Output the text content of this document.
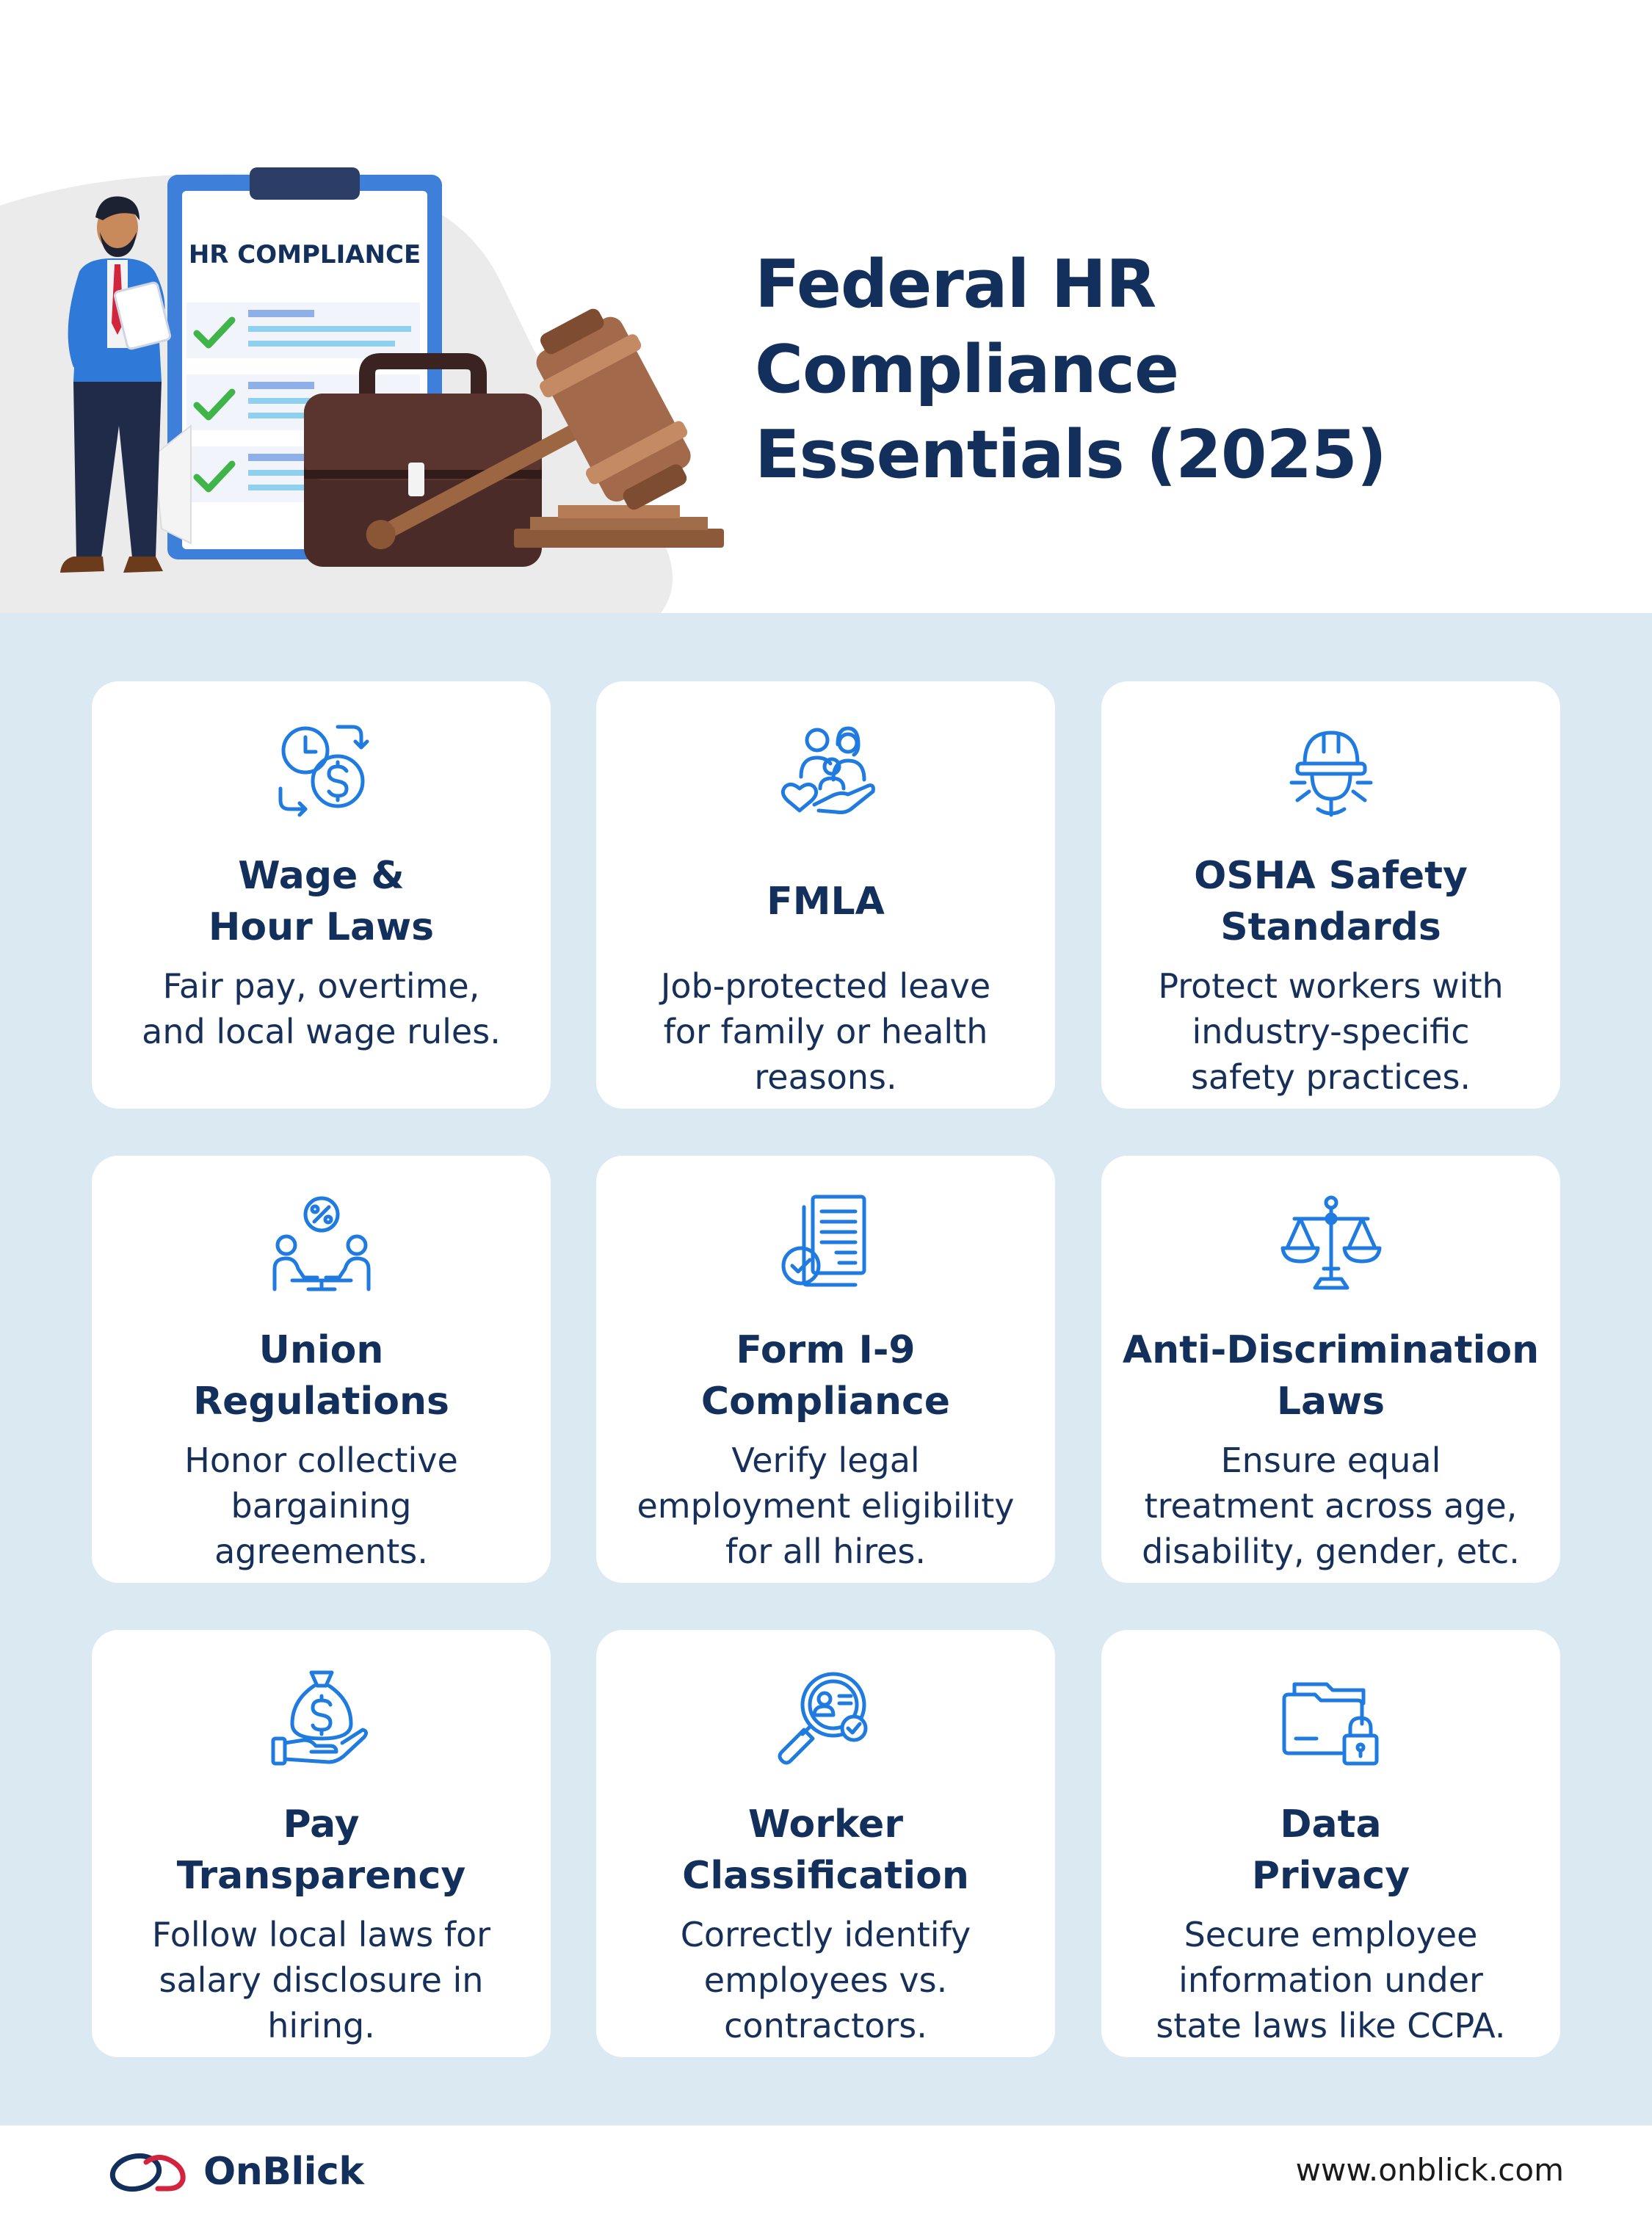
HR COMPLIANCE	Federal HR Compliance
Essentials (2025)
Wage &
Hour Laws
Fair pay, overtime,
and local wage rules.
FMLA
Job-protected leave
for family or health
reasons.
OSHA Safety
Standards
Protect workers with
industry-specific
safety practices.
Union
Regulations
Honor collective
bargaining
agreements.
Form I-9
Compliance
Verify legal
employment eligibility
for all hires.
Anti-Discrimination
Laws
Ensure equal
treatment across age,
disability, gender, etc.
Pay
Transparency
Follow local laws for
salary disclosure in
hiring.
Worker
Classification
Correctly identify
employees vs.
contractors.
Data
Privacy
Secure employee
information under
state laws like CCPA.
OnBlick	www.onblick.com
